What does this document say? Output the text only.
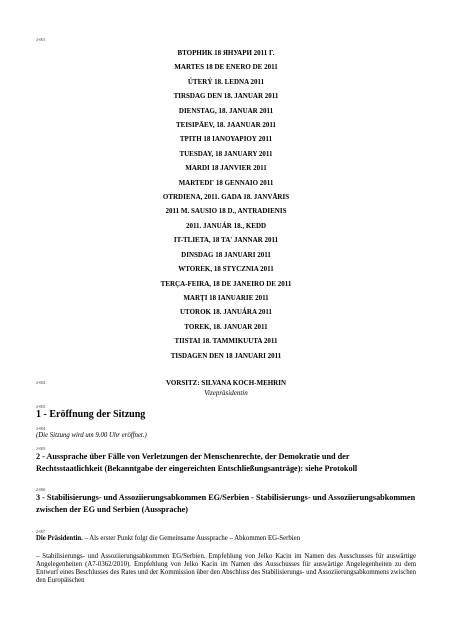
2-001
ВТОРНИК 18 ЯНУАРИ 2011 Г.
MARTES 18 DE ENERO DE 2011
ÚTERÝ 18. LEDNA 2011
TIRSDAG DEN 18. JANUAR 2011
DIENSTAG, 18. JANUAR 2011
TEISIPÄEV, 18. JAANUAR 2011
ΤΡΙΤΗ 18 ΙΑΝΟΥΑΡΙΟΥ 2011
TUESDAY, 18 JANUARY 2011
MARDI 18 JANVIER 2011
MARTEDI' 18 GENNAIO 2011
OTRDIENA, 2011. GADA 18. JANVĀRIS
2011 M. SAUSIO 18 D., ANTRADIENIS
2011. JANUÁR 18., KEDD
IT-TLIETA, 18 TA' JANNAR 2011
DINSDAG 18 JANUARI 2011
WTOREK, 18 STYCZNIA 2011
TERÇA-FEIRA, 18 DE JANEIRO DE 2011
MARŢI 18 IANUARIE 2011
UTOROK 18. JANUÁRA 2011
TOREK, 18. JANUAR 2011
TIISTAI 18. TAMMIKUUTA 2011
TISDAGEN DEN 18 JANUARI 2011
2-002	VORSITZ: SILVANA KOCH-MEHRIN
Vizepräsidentin
2-003
1 - Eröffnung der Sitzung
2-004
(Die Sitzung wird um 9.00 Uhr eröffnet.)
2-005
2 - Aussprache über Fälle von Verletzungen der Menschenrechte, der Demokratie und der Rechtsstaatlichkeit (Bekanntgabe der eingereichten Entschließungsanträge): siehe Protokoll
2-006
3 - Stabilisierungs- und Assoziierungsabkommen EG/Serbien - Stabilisierungs- und Assoziierungsabkommen zwischen der EG und Serbien (Aussprache)
2-007
Die Präsidentin. – Als erster Punkt folgt die Gemeinsame Aussprache – Abkommen EG-Serbien
– Stabilisierungs- und Assoziierungsabkommen EG/Serbien. Empfehlung von Jelko Kacin im Namen des Ausschusses für auswärtige Angelegenheiten (A7-0362/2010). Empfehlung von Jelko Kacin im Namen des Ausschusses für auswärtige Angelegenheiten zu dem Entwurf eines Beschlusses des Rates und der Kommission über den Abschluss des Stabilisierungs- und Assoziierungsabkommens zwischen den Europäischen
